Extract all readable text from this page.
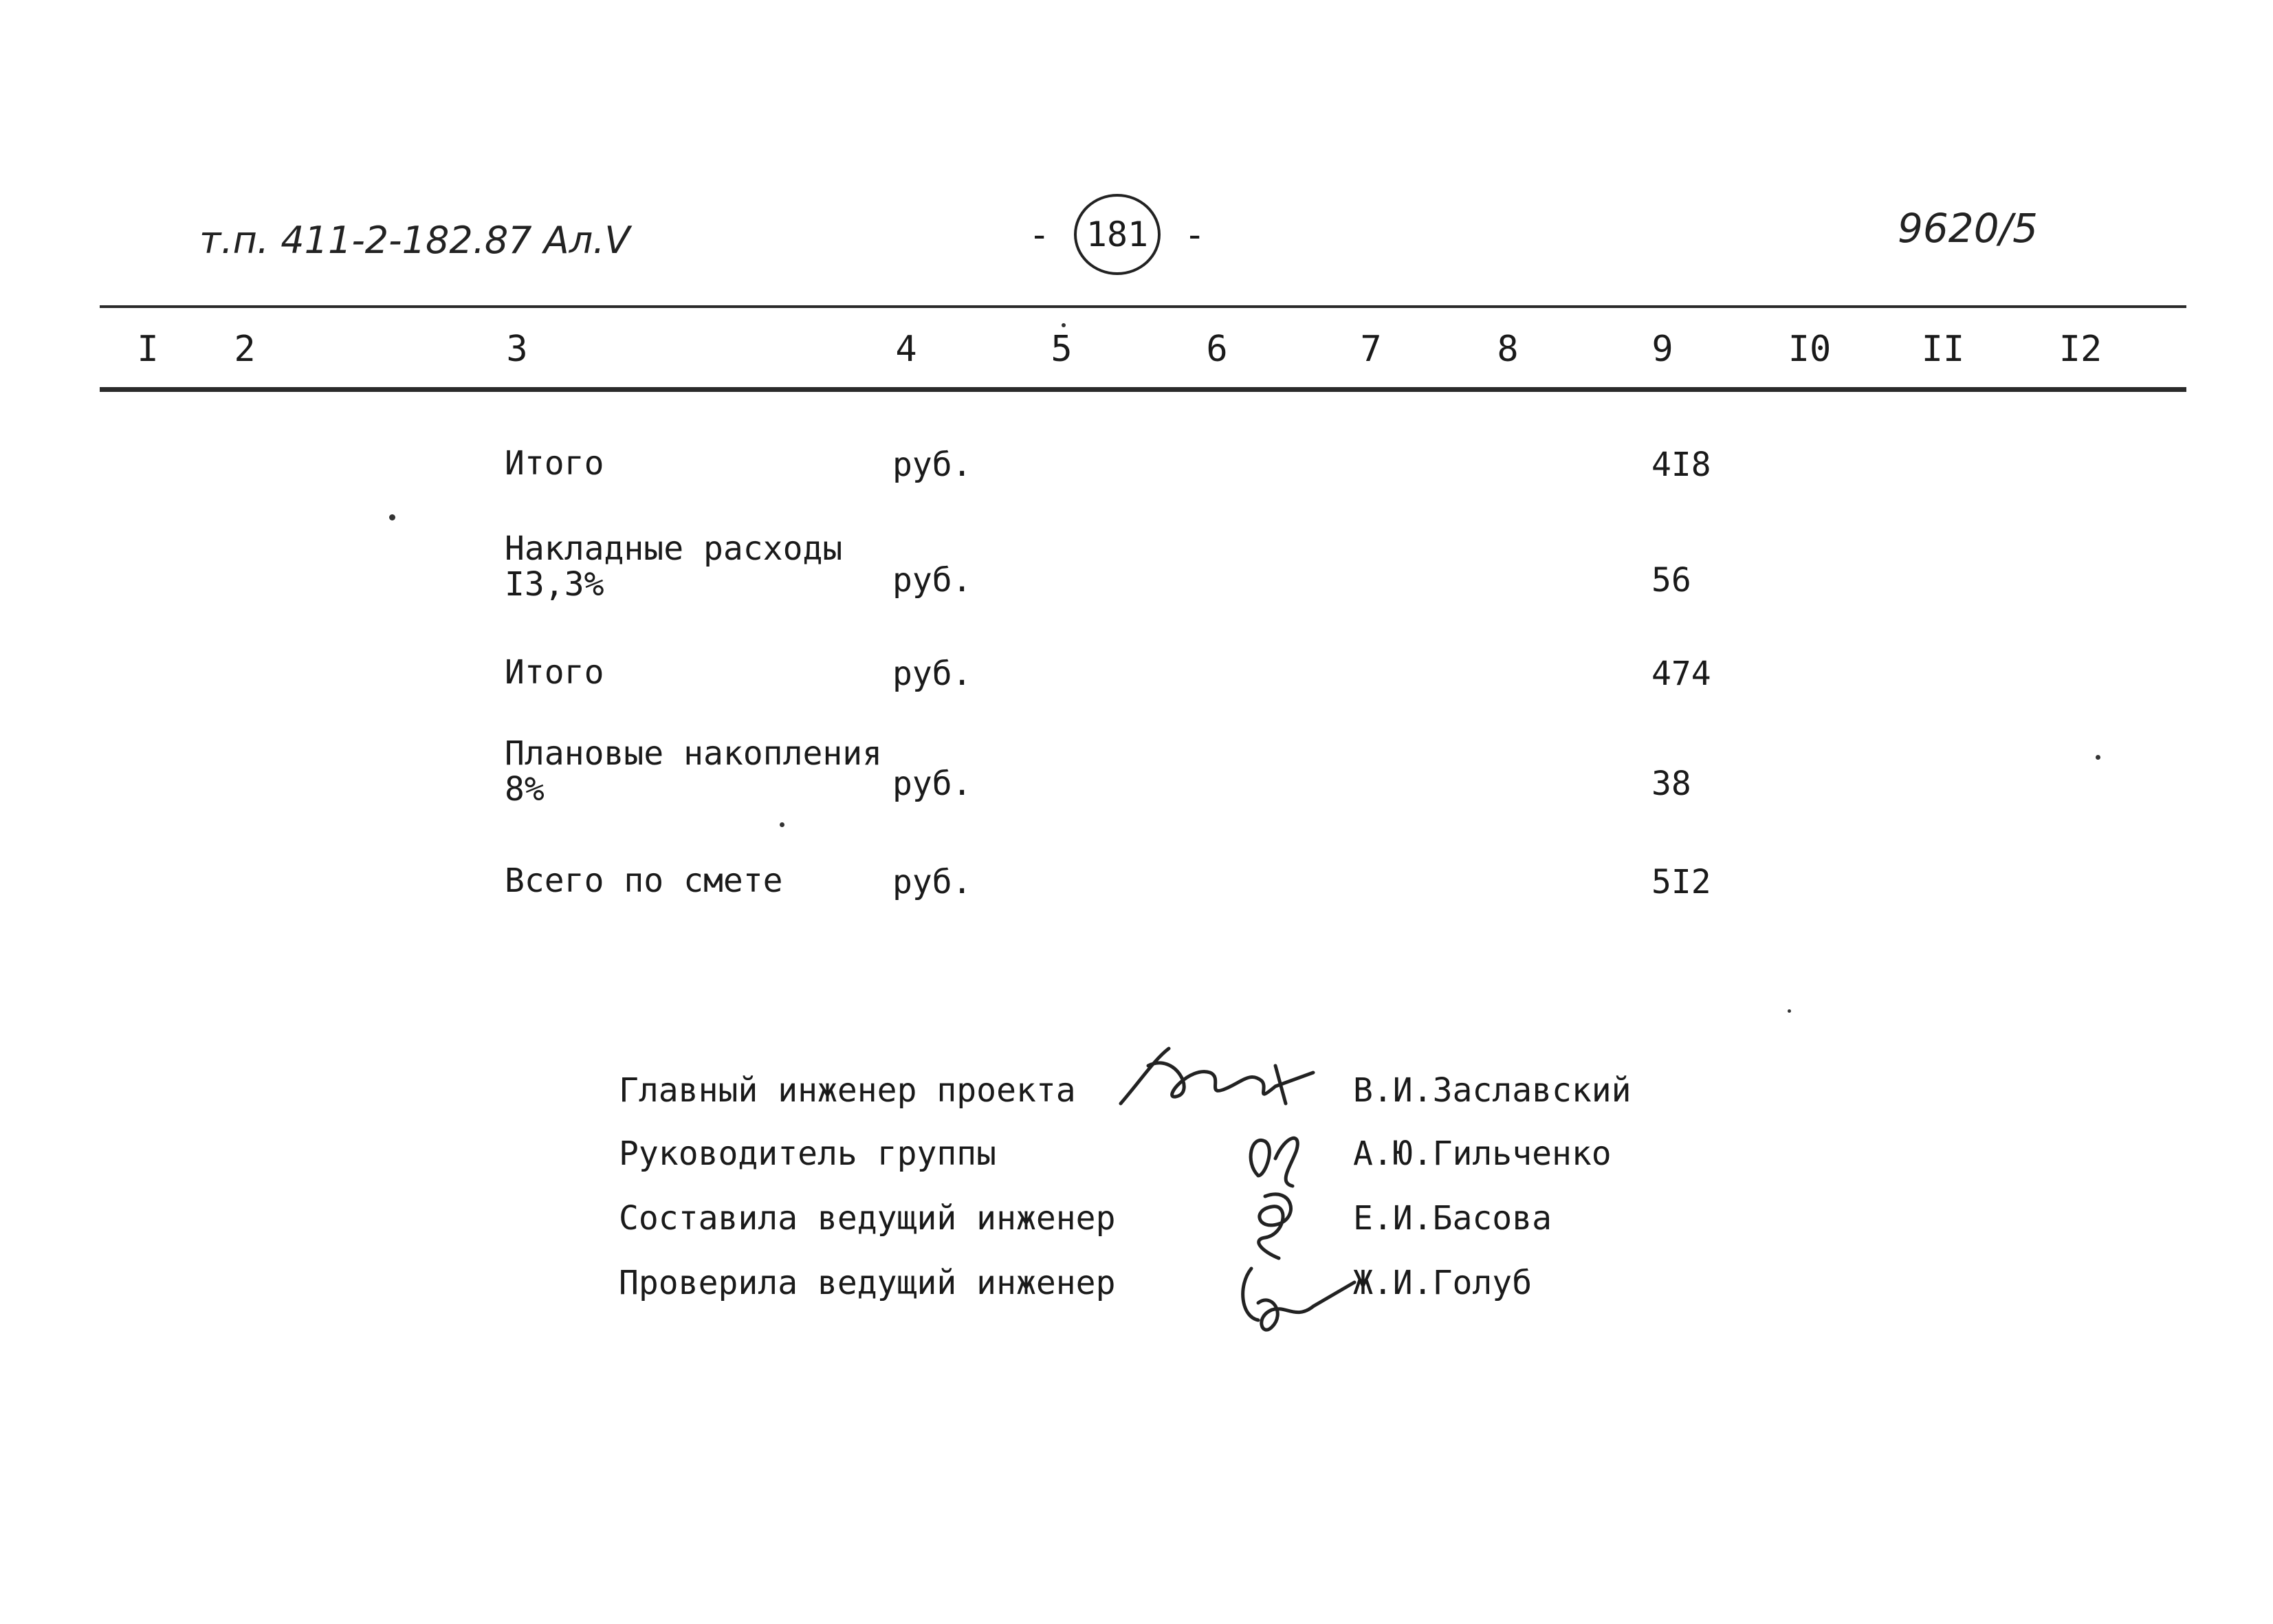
т.п. 411-2-182.87 Ал.V	-	181 -	9620/5
I 2	3	4	5	6	7	8	9	I0	II	I2
Итого	руб.	4I8
Накладные расходы
I3,3%	руб.	56
Итого	руб.	474
Плановые накопления
8%	руб.	38
Всего по смете	руб.	5I2
Главный инженер проекта	В.И.Заславский
Руководитель группы	А.Ю.Гильченко
Составила ведущий инженер	Е.И.Басова
Проверила ведущий инженер	Ж.И.Голуб
